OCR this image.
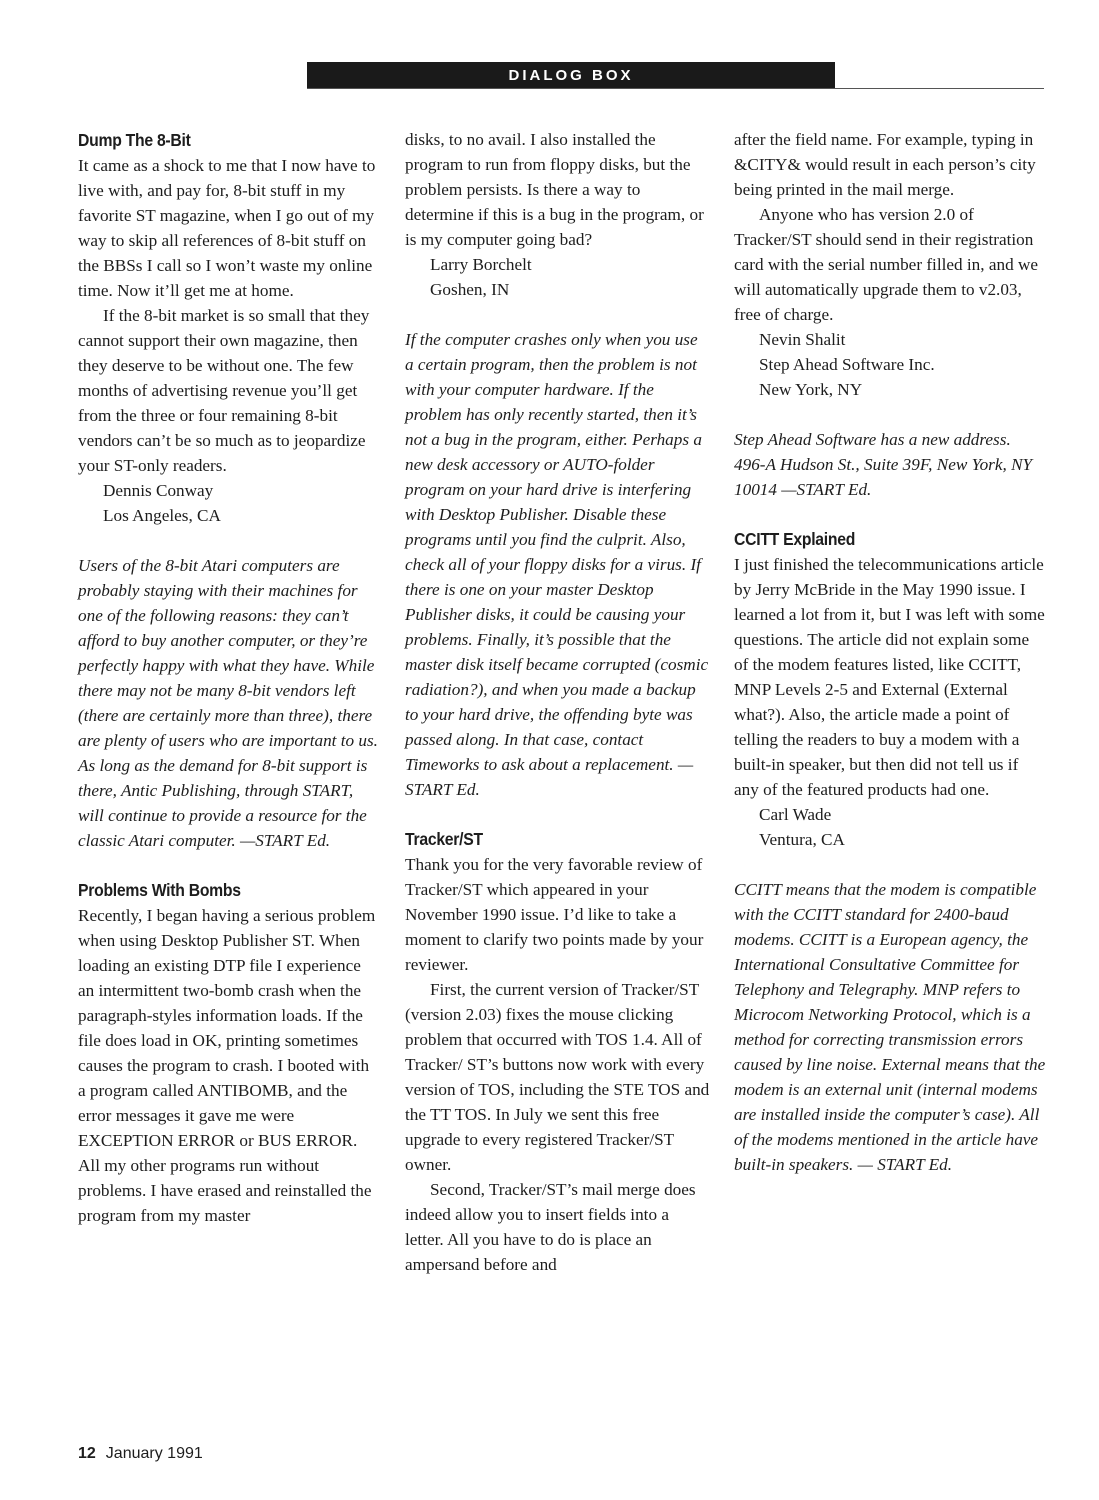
DIALOG BOX
Dump The 8-Bit

It came as a shock to me that I now have to live with, and pay for, 8-bit stuff in my favorite ST magazine, when I go out of my way to skip all references of 8-bit stuff on the BBSs I call so I won’t waste my online time. Now it’ll get me at home.

If the 8-bit market is so small that they cannot support their own magazine, then they deserve to be without one. The few months of advertising revenue you’ll get from the three or four remaining 8-bit vendors can’t be so much as to jeopardize your ST-only readers.

Dennis Conway

Los Angeles, CA

Users of the 8-bit Atari computers are probably staying with their machines for one of the following reasons: they can’t afford to buy another computer, or they’re perfectly happy with what they have. While there may not be many 8-bit vendors left (there are certainly more than three), there are plenty of users who are important to us. As long as the demand for 8-bit support is there, Antic Publishing, through START, will continue to provide a resource for the classic Atari computer. —START Ed.

Problems With Bombs

Recently, I began having a serious problem when using Desktop Publisher ST. When loading an existing DTP file I experience an intermittent two-bomb crash when the paragraph-styles information loads. If the file does load in OK, printing sometimes causes the program to crash. I booted with a program called ANTIBOMB, and the error messages it gave me were EXCEPTION ERROR or BUS ERROR. All my other programs run without problems. I have erased and reinstalled the program from my master

disks, to no avail. I also installed the program to run from floppy disks, but the problem persists. Is there a way to determine if this is a bug in the program, or is my computer going bad?

Larry Borchelt

Goshen, IN

If the computer crashes only when you use a certain program, then the problem is not with your computer hardware. If the problem has only recently started, then it’s not a bug in the program, either. Perhaps a new desk accessory or AUTO-folder program on your hard drive is interfering with Desktop Publisher. Disable these programs until you find the culprit. Also, check all of your floppy disks for a virus. If there is one on your master Desktop Publisher disks, it could be causing your problems. Finally, it’s possible that the master disk itself became corrupted (cosmic radiation?), and when you made a backup to your hard drive, the offending byte was passed along. In that case, contact Timeworks to ask about a replacement. —START Ed.

Tracker/ST

Thank you for the very favorable review of Tracker/ST which appeared in your November 1990 issue. I’d like to take a moment to clarify two points made by your reviewer.

First, the current version of Tracker/ST (version 2.03) fixes the mouse clicking problem that occurred with TOS 1.4. All of Tracker/ ST’s buttons now work with every version of TOS, including the STE TOS and the TT TOS. In July we sent this free upgrade to every registered Tracker/ST owner.

Second, Tracker/ST’s mail merge does indeed allow you to insert fields into a letter. All you have to do is place an ampersand before and

after the field name. For example, typing in &CITY& would result in each person’s city being printed in the mail merge.

Anyone who has version 2.0 of Tracker/ST should send in their registration card with the serial number filled in, and we will automatically upgrade them to v2.03, free of charge.

Nevin Shalit

Step Ahead Software Inc.

New York, NY

Step Ahead Software has a new address. 496-A Hudson St., Suite 39F, New York, NY 10014 —START Ed.

CCITT Explained

I just finished the telecommunications article by Jerry McBride in the May 1990 issue. I learned a lot from it, but I was left with some questions. The article did not explain some of the modem features listed, like CCITT, MNP Levels 2-5 and External (External what?). Also, the article made a point of telling the readers to buy a modem with a built-in speaker, but then did not tell us if any of the featured products had one.

Carl Wade

Ventura, CA

CCITT means that the modem is compatible with the CCITT standard for 2400-baud modems. CCITT is a European agency, the International Consultative Committee for Telephony and Telegraphy. MNP refers to Microcom Networking Protocol, which is a method for correcting transmission errors caused by line noise. External means that the modem is an external unit (internal modems are installed inside the computer’s case). All of the modems mentioned in the article have built-in speakers. — START Ed.

12 January 1991
